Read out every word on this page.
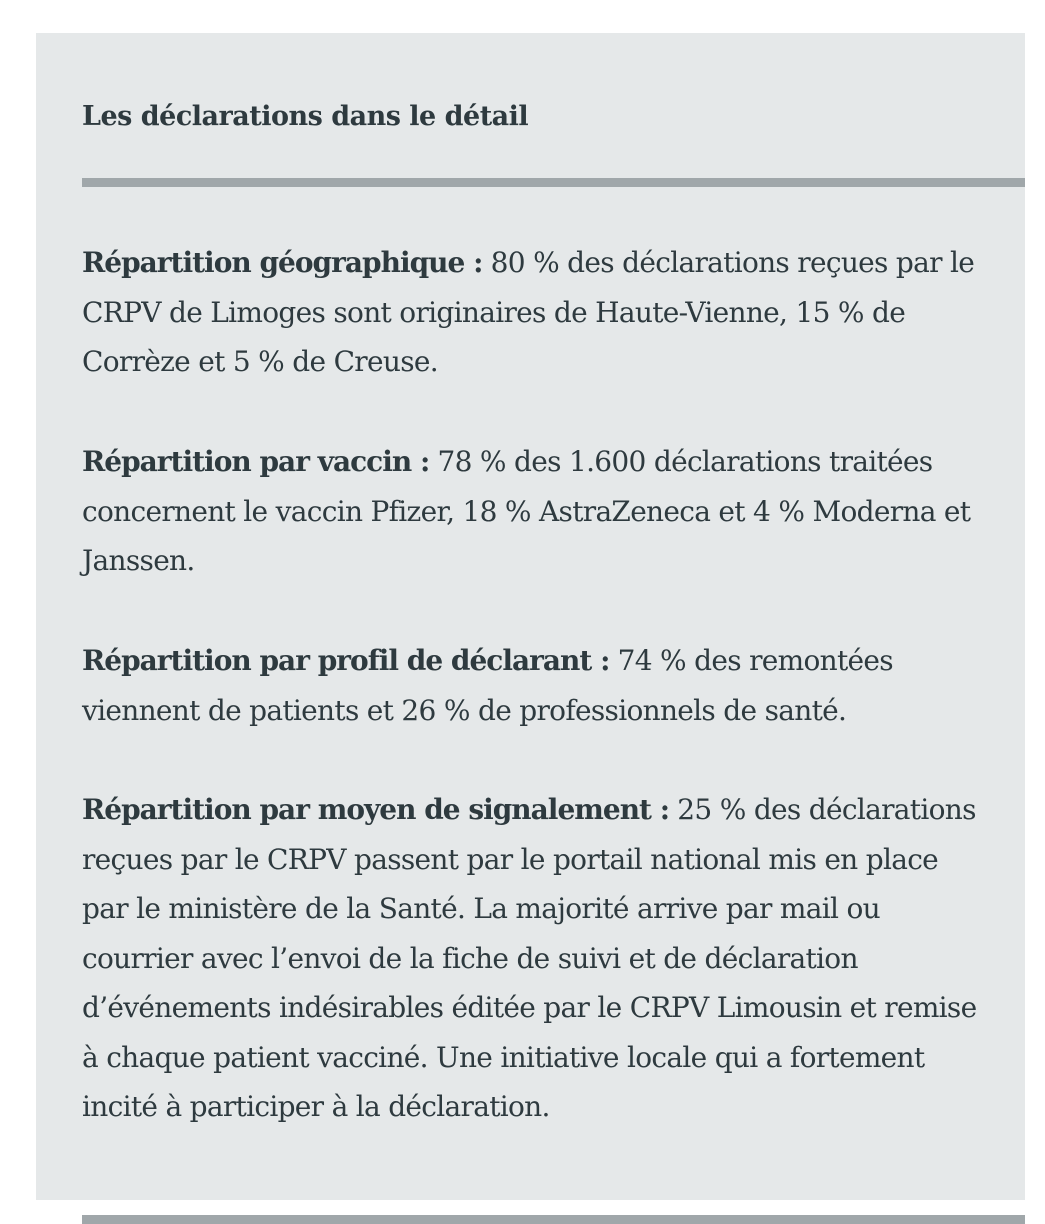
Les déclarations dans le détail

Répartition géographique : 80 % des déclarations reçues par le CRPV de Limoges sont originaires de Haute-Vienne, 15 % de Corrèze et 5 % de Creuse.

Répartition par vaccin : 78 % des 1.600 déclarations traitées concernent le vaccin Pfizer, 18 % AstraZeneca et 4 % Moderna et Janssen.

Répartition par profil de déclarant : 74 % des remontées viennent de patients et 26 % de professionnels de santé.

Répartition par moyen de signalement : 25 % des déclarations reçues par le CRPV passent par le portail national mis en place par le ministère de la Santé. La majorité arrive par mail ou courrier avec l’envoi de la fiche de suivi et de déclaration d’événements indésirables éditée par le CRPV Limousin et remise à chaque patient vacciné. Une initiative locale qui a fortement incité à participer à la déclaration.
